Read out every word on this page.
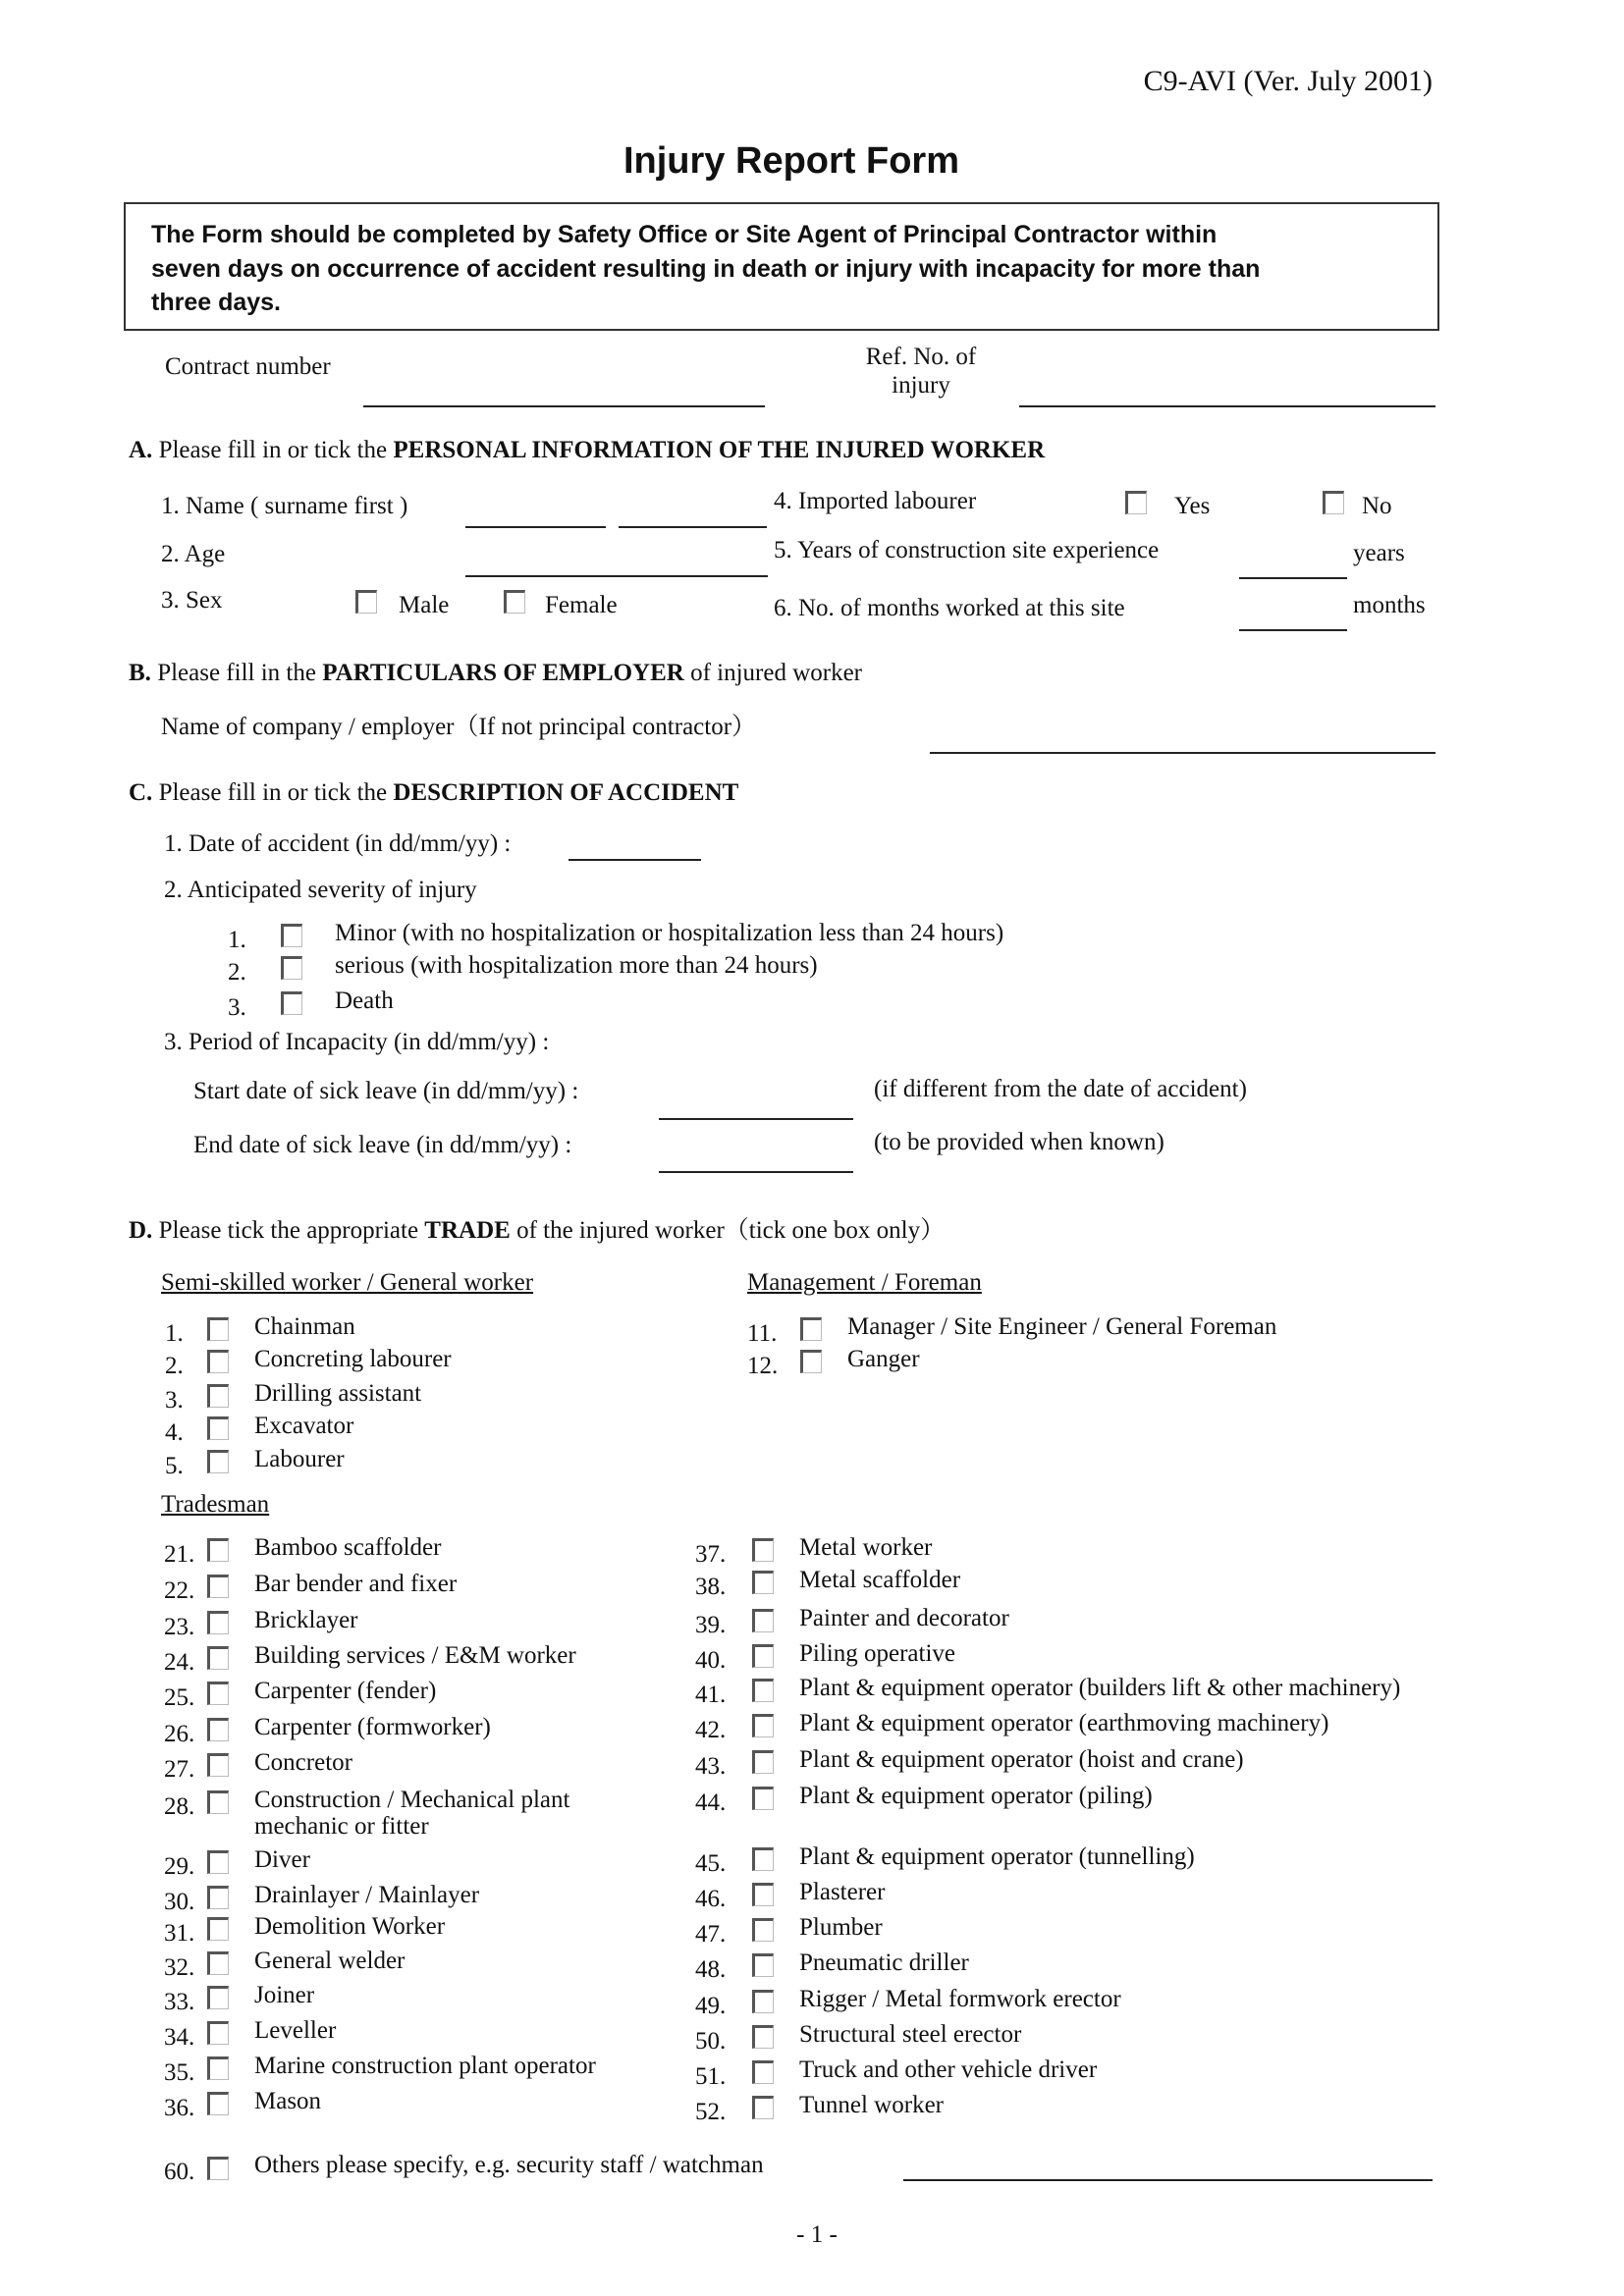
C9-AVI (Ver. July 2001)
Injury Report Form
The Form should be completed by Safety Office or Site Agent of Principal Contractor within
seven days on occurrence of accident resulting in death or injury with incapacity for more than
three days.
Contract number	Ref. No. of
injury
A. Please fill in or tick the PERSONAL INFORMATION OF THE INJURED WORKER
1. Name ( surname first )
2. Age
3. Sex	Male	Female
4. Imported labourer	Yes	No
5. Years of construction site experience	years
6. No. of months worked at this site	months
B. Please fill in the PARTICULARS OF EMPLOYER of injured worker
Name of company / employer（If not principal contractor）
C. Please fill in or tick the DESCRIPTION OF ACCIDENT
1. Date of accident (in dd/mm/yy) :
2. Anticipated severity of injury
1.	Minor (with no hospitalization or hospitalization less than 24 hours)
2.	serious (with hospitalization more than 24 hours)
3.	Death
3. Period of Incapacity (in dd/mm/yy) :
Start date of sick leave (in dd/mm/yy) :	(if different from the date of accident)
End date of sick leave (in dd/mm/yy) :	(to be provided when known)
D. Please tick the appropriate TRADE of the injured worker（tick one box only）
Semi-skilled worker / General worker	Management / Foreman
Tradesman
1.	Chainman
2.	Concreting labourer
3.	Drilling assistant
4.	Excavator
5.	Labourer
11.	Manager / Site Engineer / General Foreman
12.	Ganger
21. Bamboo scaffolder
22. Bar bender and fixer
23. Bricklayer
24. Building services / E&M worker
25. Carpenter (fender)
26. Carpenter (formworker)
27. Concretor
28. Construction / Mechanical plant
mechanic or fitter
29. Diver
30. Drainlayer / Mainlayer
31. Demolition Worker
32. General welder
33. Joiner
34. Leveller
35. Marine construction plant operator
36. Mason
37.	Metal worker
38.	Metal scaffolder
39.	Painter and decorator
40.	Piling operative
41.	Plant & equipment operator (builders lift & other machinery)
42.	Plant & equipment operator (earthmoving machinery)
43.	Plant & equipment operator (hoist and crane)
44.	Plant & equipment operator (piling)
45.	Plant & equipment operator (tunnelling)
46.	Plasterer
47.	Plumber
48.	Pneumatic driller
49.	Rigger / Metal formwork erector
50.	Structural steel erector
51.	Truck and other vehicle driver
52.	Tunnel worker
60. Others please specify, e.g. security staff / watchman
- 1 -
